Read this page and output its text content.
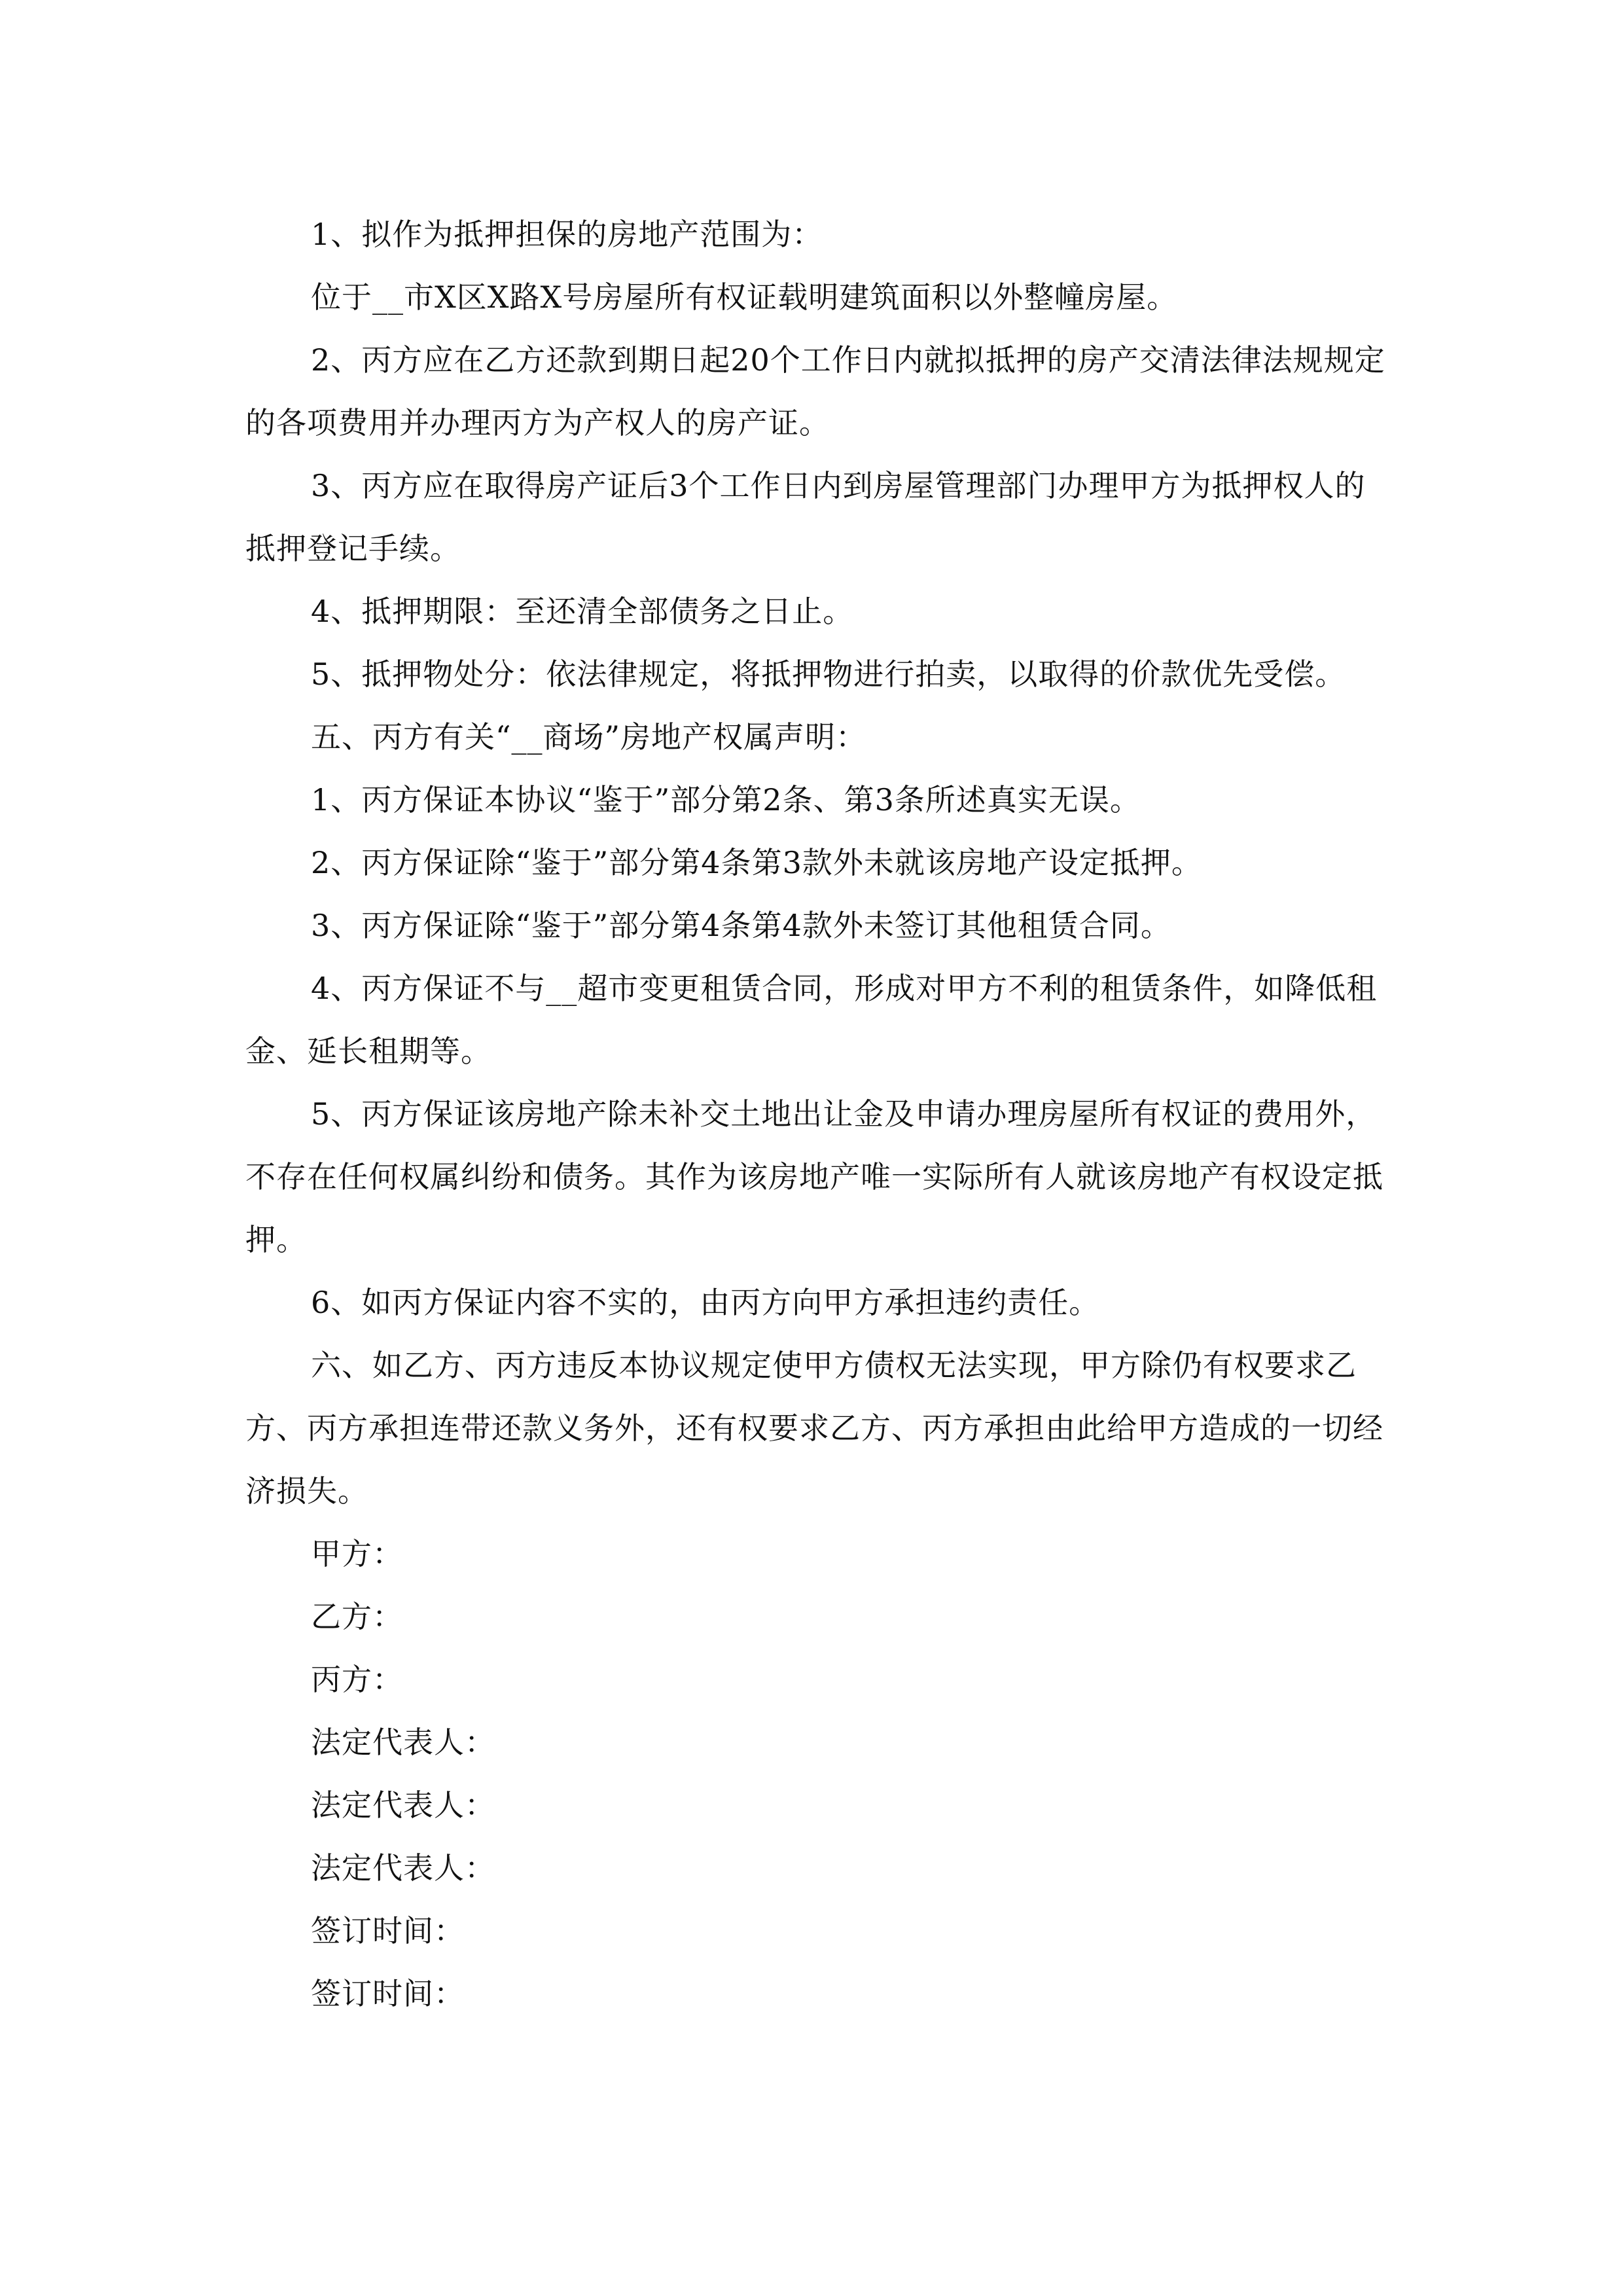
1、拟作为抵押担保的房地产范围为：

位于__市X区X路X号房屋所有权证载明建筑面积以外整幢房屋。

2、丙方应在乙方还款到期日起20个工作日内就拟抵押的房产交清法律法规规定的各项费用并办理丙方为产权人的房产证。

3、丙方应在取得房产证后3个工作日内到房屋管理部门办理甲方为抵押权人的抵押登记手续。

4、抵押期限：至还清全部债务之日止。

5、抵押物处分：依法律规定，将抵押物进行拍卖，以取得的价款优先受偿。

五、丙方有关“__商场”房地产权属声明：

1、丙方保证本协议“鉴于”部分第2条、第3条所述真实无误。

2、丙方保证除“鉴于”部分第4条第3款外未就该房地产设定抵押。

3、丙方保证除“鉴于”部分第4条第4款外未签订其他租赁合同。

4、丙方保证不与__超市变更租赁合同，形成对甲方不利的租赁条件，如降低租金、延长租期等。

5、丙方保证该房地产除未补交土地出让金及申请办理房屋所有权证的费用外，不存在任何权属纠纷和债务。其作为该房地产唯一实际所有人就该房地产有权设定抵押。

6、如丙方保证内容不实的，由丙方向甲方承担违约责任。

六、如乙方、丙方违反本协议规定使甲方债权无法实现，甲方除仍有权要求乙方、丙方承担连带还款义务外，还有权要求乙方、丙方承担由此给甲方造成的一切经济损失。

甲方：

乙方：

丙方：

法定代表人：

法定代表人：

法定代表人：

签订时间：

签订时间：
